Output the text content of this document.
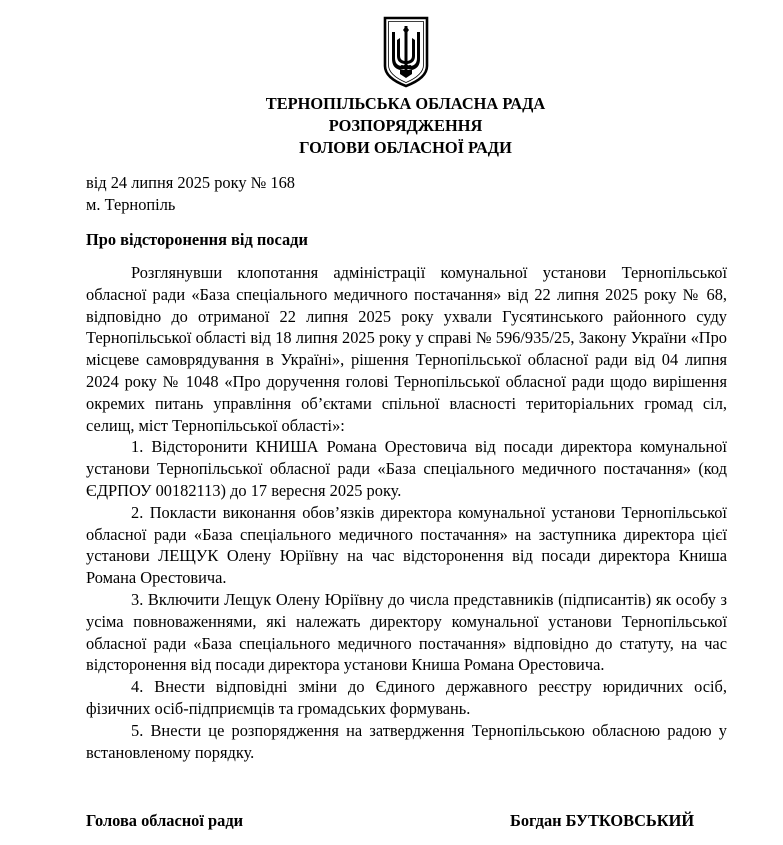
ТЕРНОПІЛЬСЬКА ОБЛАСНА РАДА
РОЗПОРЯДЖЕННЯ
ГОЛОВИ ОБЛАСНОЇ РАДИ
від 24 липня 2025 року № 168
м. Тернопіль
Про відсторонення від посади

Розглянувши клопотання адміністрації комунальної установи Тернопільської обласної ради «База спеціального медичного постачання» від 22 липня 2025 року № 68, відповідно до отриманої 22 липня 2025 року ухвали Гусятинського районного суду Тернопільської області від 18 липня 2025 року у справі № 596/935/25, Закону України «Про місцеве самоврядування в Україні», рішення Тернопільської обласної ради від 04 липня 2024 року № 1048 «Про доручення голові Тернопільської обласної ради щодо вирішення окремих питань управління об’єктами спільної власності територіальних громад сіл, селищ, міст Тернопільської області»:

1. Відсторонити КНИША Романа Орестовича від посади директора комунальної установи Тернопільської обласної ради «База спеціального медичного постачання» (код ЄДРПОУ 00182113) до 17 вересня 2025 року.

2. Покласти виконання обов’язків директора комунальної установи Тернопільської обласної ради «База спеціального медичного постачання» на заступника директора цієї установи ЛЕЩУК Олену Юріївну на час відсторонення від посади директора Книша Романа Орестовича.

3. Включити Лещук Олену Юріївну до числа представників (підписантів) як особу з усіма повноваженнями, які належать директору комунальної установи Тернопільської обласної ради «База спеціального медичного постачання» відповідно до статуту, на час відсторонення від посади директора установи Книша Романа Орестовича.

4. Внести відповідні зміни до Єдиного державного реєстру юридичних осіб, фізичних осіб-підприємців та громадських формувань.

5. Внести це розпорядження на затвердження Тернопільською обласною радою у встановленому порядку.

Голова обласної ради	Богдан БУТКОВСЬКИЙ
